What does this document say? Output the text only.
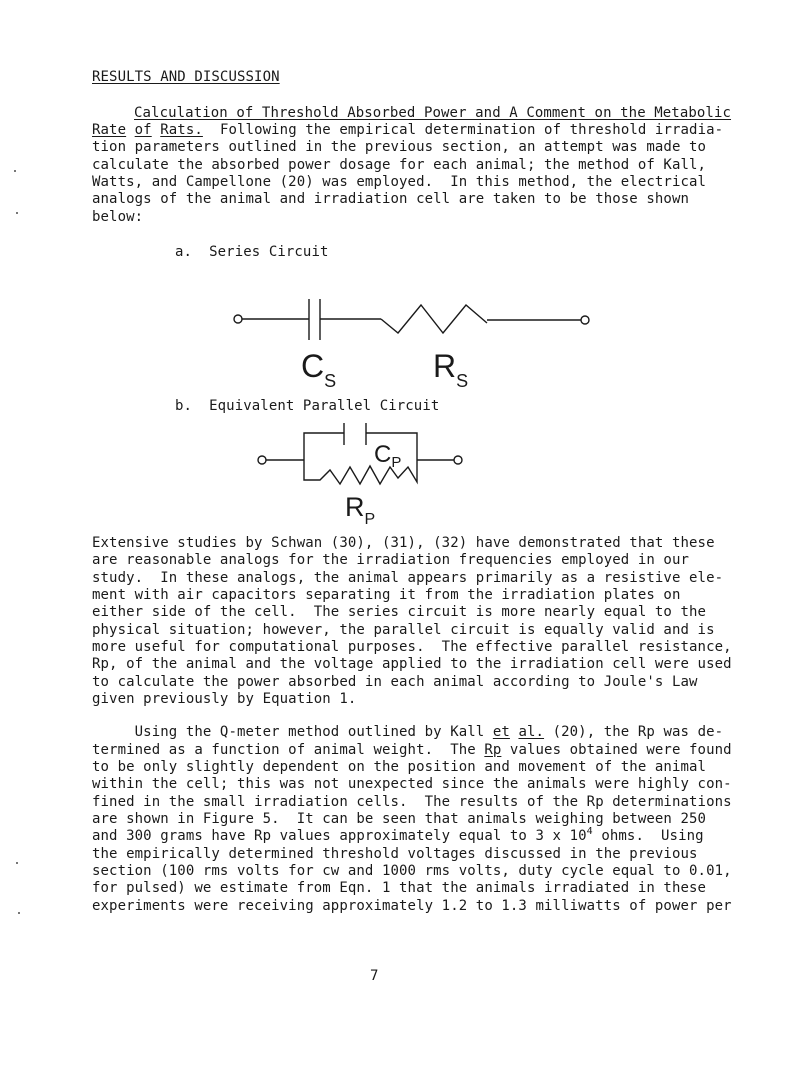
RESULTS AND DISCUSSION
Calculation of Threshold Absorbed Power and A Comment on the Metabolic
Rate of Rats.  Following the empirical determination of threshold irradia-
tion parameters outlined in the previous section, an attempt was made to
calculate the absorbed power dosage for each animal; the method of Kall,
Watts, and Campellone (20) was employed.  In this method, the electrical
analogs of the animal and irradiation cell are taken to be those shown
below:
a.  Series Circuit
$C_S$	$R_S$
b.  Equivalent Parallel Circuit
$C_P$
$R_P$
Extensive studies by Schwan (30), (31), (32) have demonstrated that these
are reasonable analogs for the irradiation frequencies employed in our
study.  In these analogs, the animal appears primarily as a resistive ele-
ment with air capacitors separating it from the irradiation plates on
either side of the cell.  The series circuit is more nearly equal to the
physical situation; however, the parallel circuit is equally valid and is
more useful for computational purposes.  The effective parallel resistance,
Rp, of the animal and the voltage applied to the irradiation cell were used
to calculate the power absorbed in each animal according to Joule's Law
given previously by Equation 1.
Using the Q-meter method outlined by Kall et al. (20), the Rp was de-
termined as a function of animal weight.  The Rp values obtained were found
to be only slightly dependent on the position and movement of the animal
within the cell; this was not unexpected since the animals were highly con-
fined in the small irradiation cells.  The results of the Rp determinations
are shown in Figure 5.  It can be seen that animals weighing between 250
and 300 grams have Rp values approximately equal to 3 x $10^4$ ohms.  Using
the empirically determined threshold voltages discussed in the previous
section (100 rms volts for cw and 1000 rms volts, duty cycle equal to 0.01,
for pulsed) we estimate from Eqn. 1 that the animals irradiated in these
experiments were receiving approximately 1.2 to 1.3 milliwatts of power per
7
